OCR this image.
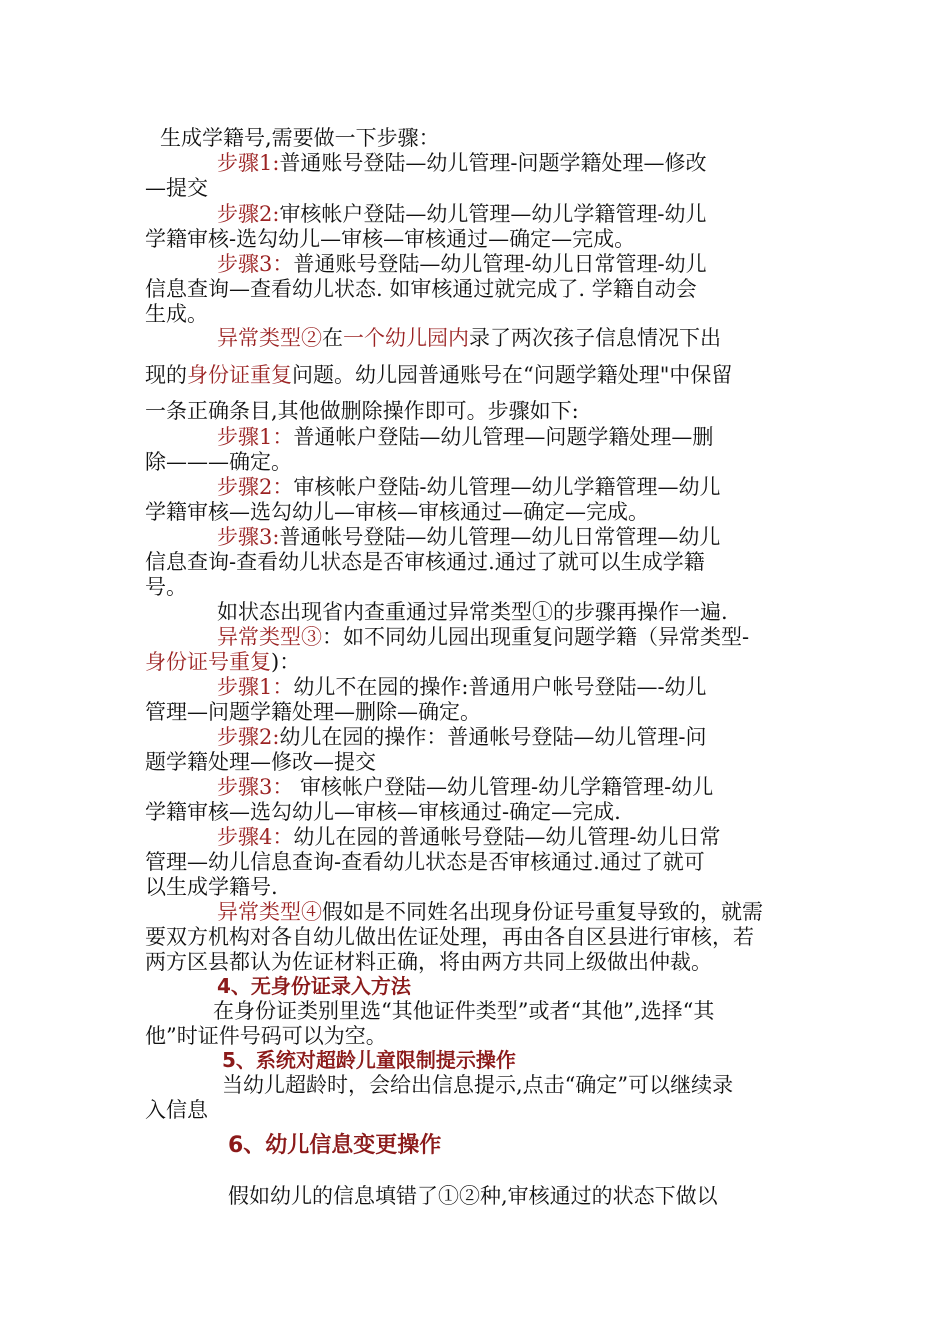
生成学籍号,需要做一下步骤：
步骤1:普通账号登陆—幼儿管理-问题学籍处理—修改
—提交
步骤2:审核帐户登陆—幼儿管理—幼儿学籍管理-幼儿
学籍审核-选勾幼儿—审核—审核通过—确定—完成。
步骤3：普通账号登陆—幼儿管理-幼儿日常管理-幼儿
信息查询—查看幼儿状态. 如审核通过就完成了. 学籍自动会
生成。
异常类型②在一个幼儿园内录了两次孩子信息情况下出
现的身份证重复问题。幼儿园普通账号在“问题学籍处理"中保留
一条正确条目,其他做删除操作即可。步骤如下:
步骤1：普通帐户登陆—幼儿管理—问题学籍处理—删
除———确定。
步骤2：审核帐户登陆-幼儿管理—幼儿学籍管理—幼儿
学籍审核—选勾幼儿—审核—审核通过—确定—完成。
步骤3:普通帐号登陆—幼儿管理—幼儿日常管理—幼儿
信息查询-查看幼儿状态是否审核通过.通过了就可以生成学籍
号。
如状态出现省内查重通过异常类型①的步骤再操作一遍.
异常类型③：如不同幼儿园出现重复问题学籍（异常类型-
身份证号重复)：
步骤1：幼儿不在园的操作:普通用户帐号登陆—-幼儿
管理—问题学籍处理—删除—确定。
步骤2:幼儿在园的操作：普通帐号登陆—幼儿管理-问
题学籍处理—修改—提交
步骤3： 审核帐户登陆—幼儿管理-幼儿学籍管理-幼儿
学籍审核—选勾幼儿—审核—审核通过-确定—完成.
步骤4：幼儿在园的普通帐号登陆—幼儿管理-幼儿日常
管理—幼儿信息查询-查看幼儿状态是否审核通过.通过了就可
以生成学籍号.
异常类型④假如是不同姓名出现身份证号重复导致的，就需
要双方机构对各自幼儿做出佐证处理，再由各自区县进行审核，若
两方区县都认为佐证材料正确，将由两方共同上级做出仲裁。
4、无身份证录入方法
在身份证类别里选“其他证件类型”或者“其他”,选择“其
他”时证件号码可以为空。
5、系统对超龄儿童限制提示操作
当幼儿超龄时，会给出信息提示,点击“确定”可以继续录
入信息
6、幼儿信息变更操作
假如幼儿的信息填错了①②种,审核通过的状态下做以
